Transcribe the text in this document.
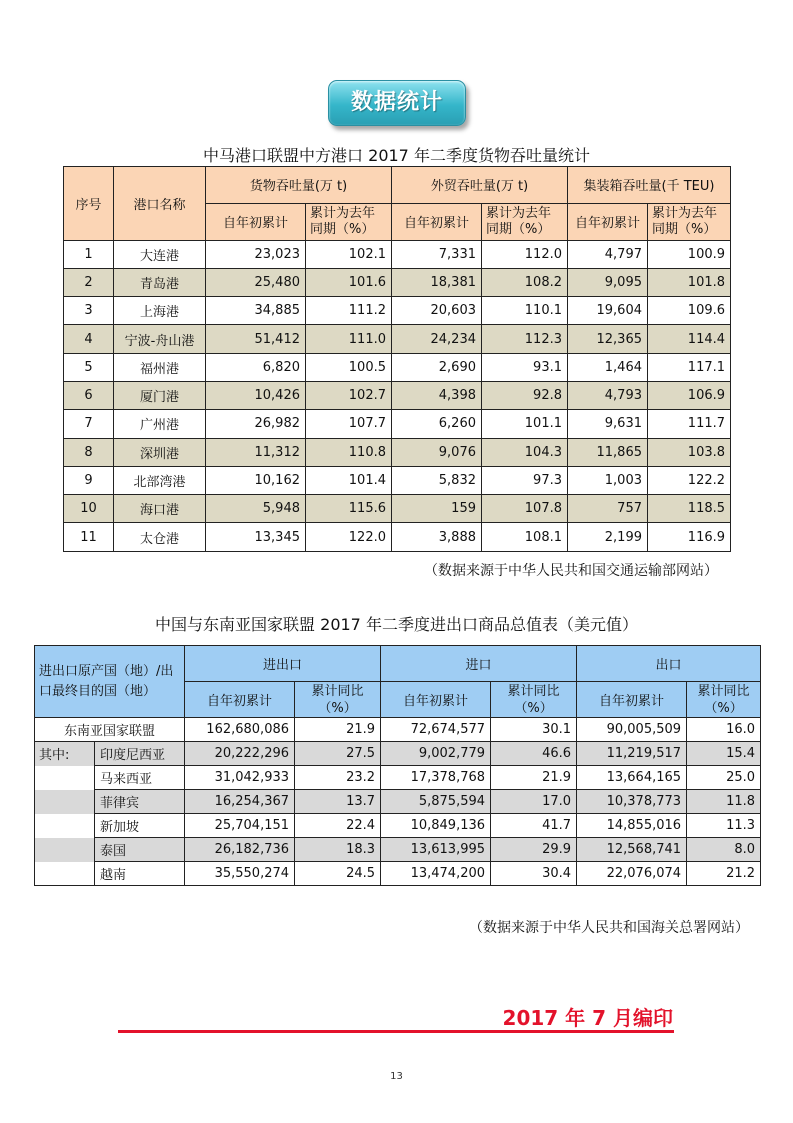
数据统计
中马港口联盟中方港口 2017 年二季度货物吞吐量统计
序号	港口名称	货物吞吐量(万 t)		外贸吞吐量(万 t)		集装箱吞吐量(千 TEU)	
		自年初累计	累计为去年同期（%）	自年初累计	累计为去年同期（%）	自年初累计	累计为去年同期（%）
1	大连港	23,023	102.1	7,331	112.0	4,797	100.9
2	青岛港	25,480	101.6	18,381	108.2	9,095	101.8
3	上海港	34,885	111.2	20,603	110.1	19,604	109.6
4	宁波-舟山港	51,412	111.0	24,234	112.3	12,365	114.4
5	福州港	6,820	100.5	2,690	93.1	1,464	117.1
6	厦门港	10,426	102.7	4,398	92.8	4,793	106.9
7	广州港	26,982	107.7	6,260	101.1	9,631	111.7
8	深圳港	11,312	110.8	9,076	104.3	11,865	103.8
9	北部湾港	10,162	101.4	5,832	97.3	1,003	122.2
10	海口港	5,948	115.6	159	107.8	757	118.5
11	太仓港	13,345	122.0	3,888	108.1	2,199	116.9
（数据来源于中华人民共和国交通运输部网站）
中国与东南亚国家联盟 2017 年二季度进出口商品总值表（美元值）
进出口原产国（地）/出口最终目的国（地）		进出口		进口		出口	
		自年初累计	累计同比（%）	自年初累计	累计同比（%）	自年初累计	累计同比（%）
东南亚国家联盟		162,680,086	21.9	72,674,577	30.1	90,005,509	16.0
其中:	印度尼西亚	20,222,296	27.5	9,002,779	46.6	11,219,517	15.4
	马来西亚	31,042,933	23.2	17,378,768	21.9	13,664,165	25.0
	菲律宾	16,254,367	13.7	5,875,594	17.0	10,378,773	11.8
	新加坡	25,704,151	22.4	10,849,136	41.7	14,855,016	11.3
	泰国	26,182,736	18.3	13,613,995	29.9	12,568,741	8.0
	越南	35,550,274	24.5	13,474,200	30.4	22,076,074	21.2
（数据来源于中华人民共和国海关总署网站）
2017 年 7 月编印
13
